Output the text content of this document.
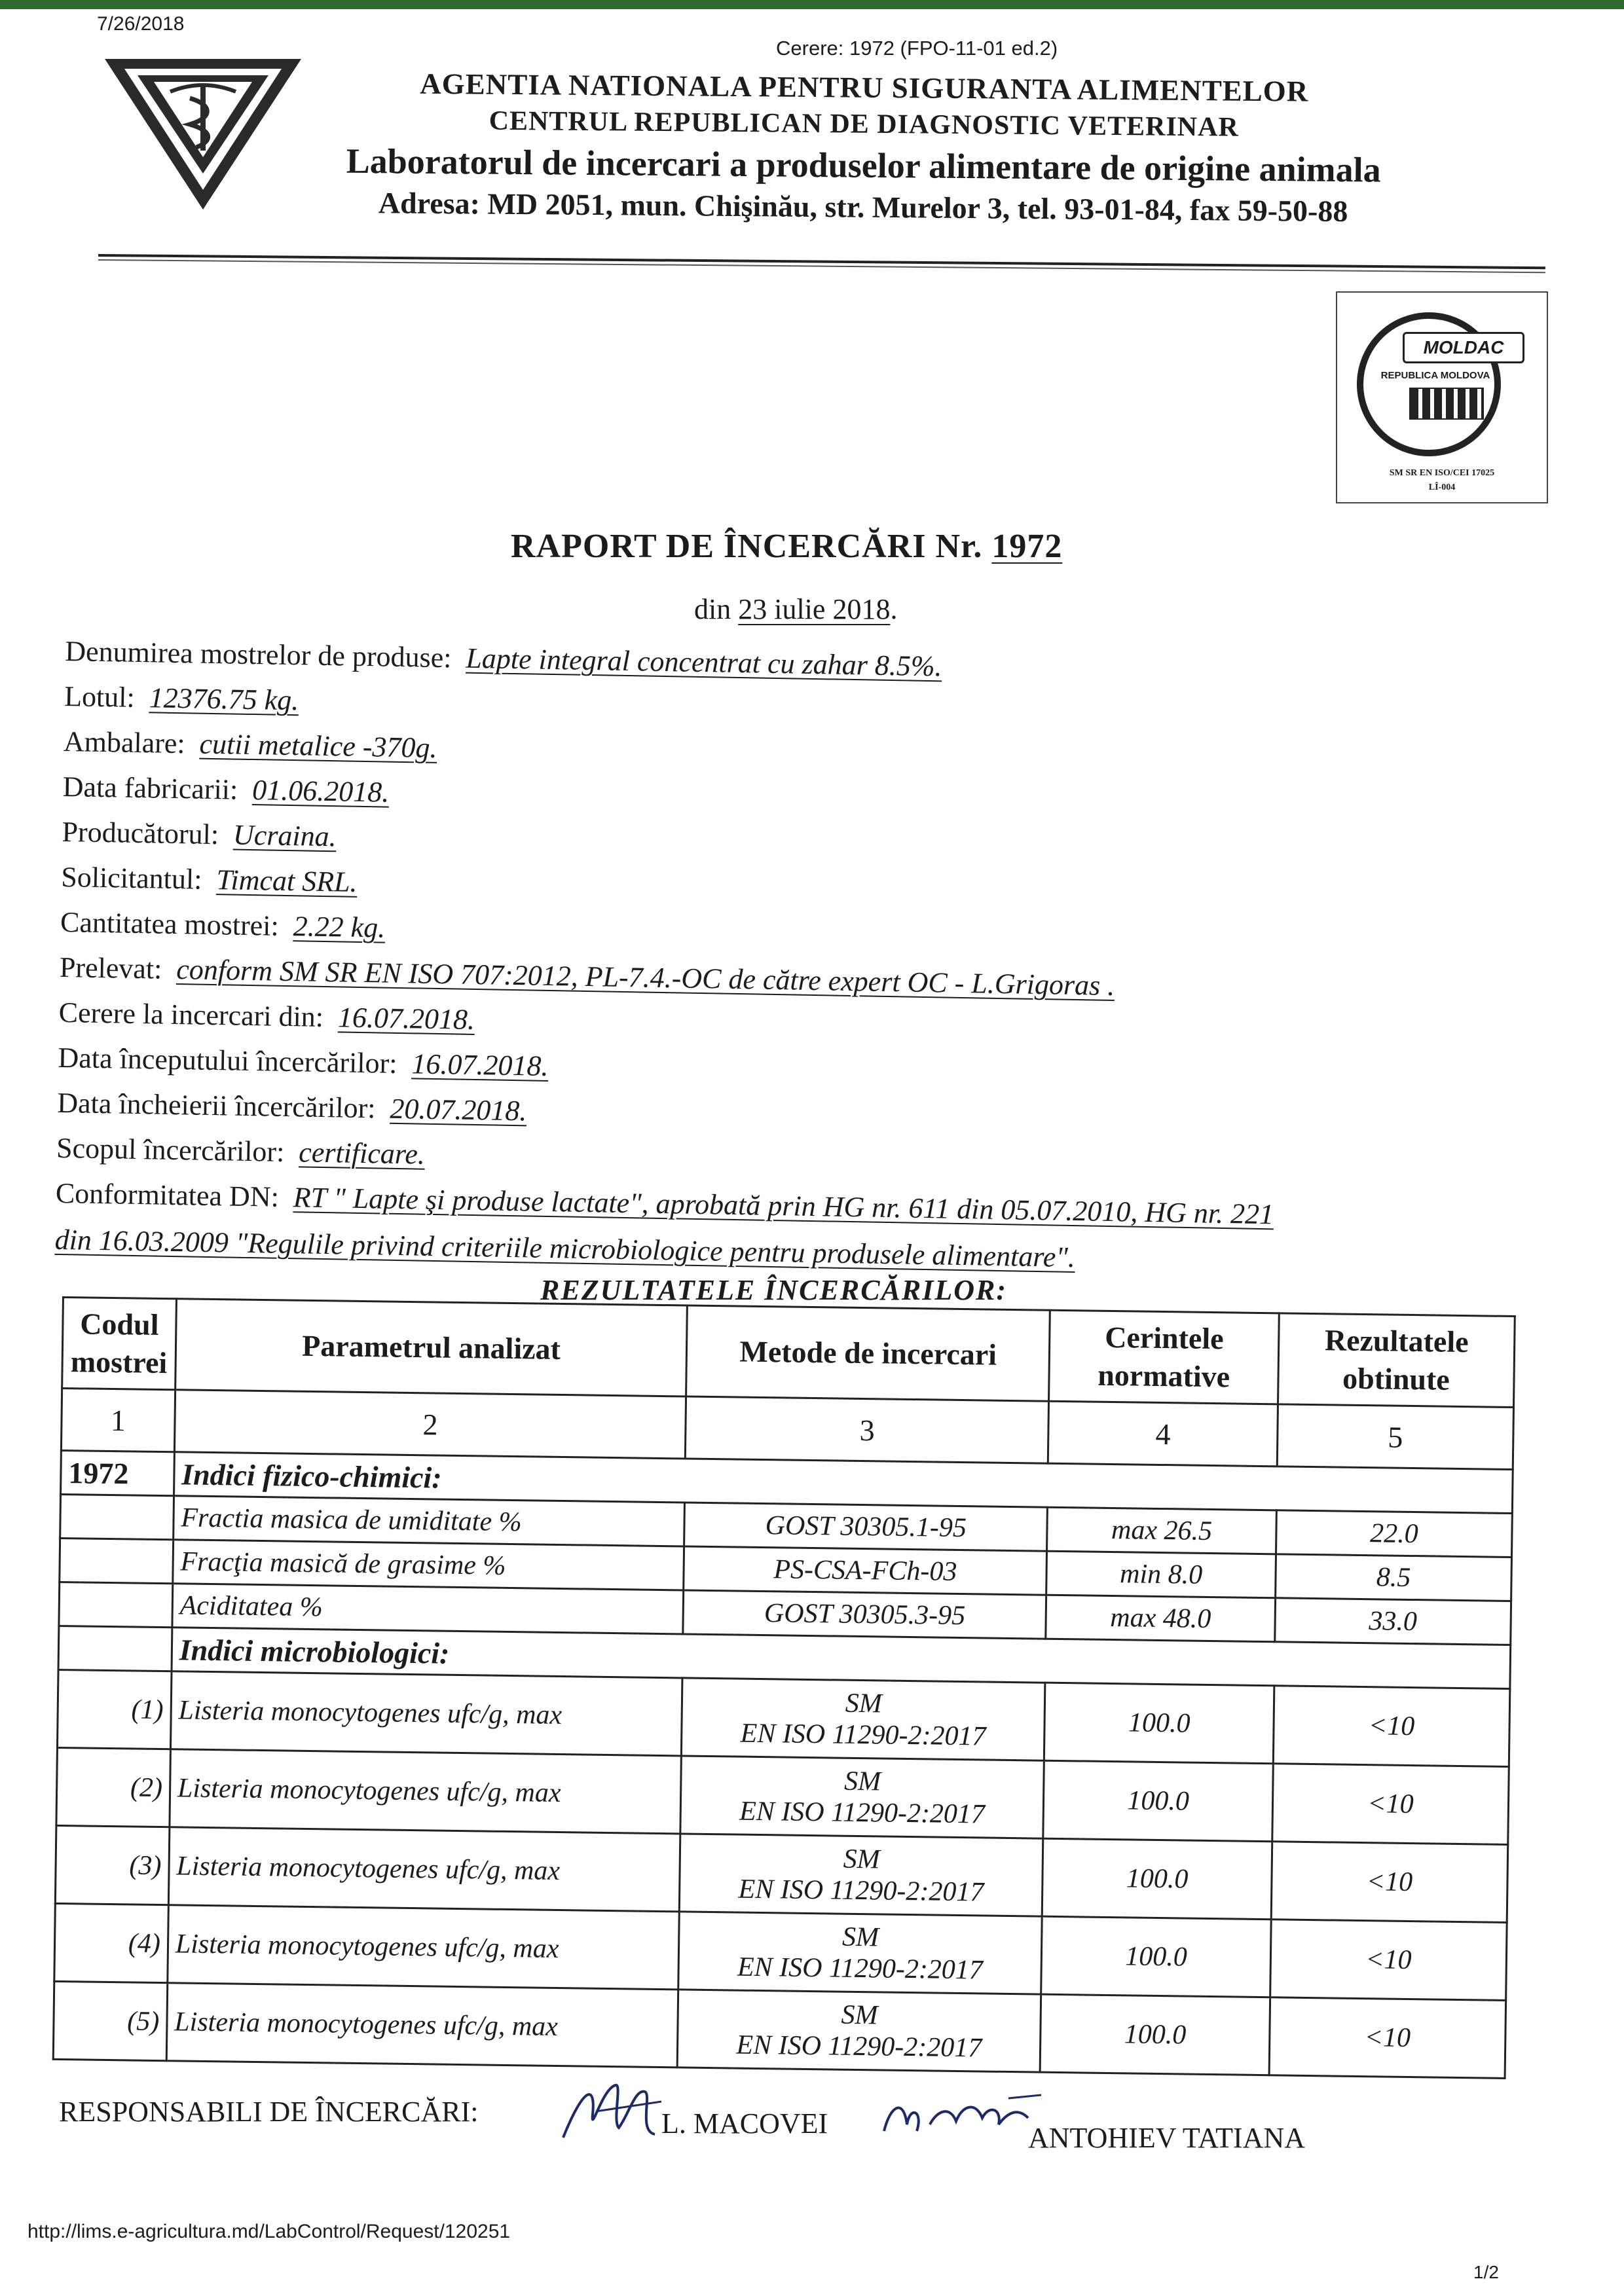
7/26/2018
Cerere: 1972 (FPO-11-01 ed.2)
AGENTIA NATIONALA PENTRU SIGURANTA ALIMENTELOR
CENTRUL REPUBLICAN DE DIAGNOSTIC VETERINAR
Laboratorul de incercari a produselor alimentare de origine animala
Adresa: MD 2051, mun. Chişinău, str. Murelor 3, tel. 93-01-84, fax 59-50-88
MOLDAC
REPUBLICA MOLDOVA
SM SR EN ISO/CEI 17025
LÎ-004
RAPORT DE ÎNCERCĂRI Nr. 1972
din 23 iulie 2018.
Denumirea mostrelor de produse: Lapte integral concentrat cu zahar 8.5%.
Lotul: 12376.75 kg.
Ambalare: cutii metalice -370g.
Data fabricarii: 01.06.2018.
Producătorul: Ucraina.
Solicitantul: Timcat SRL.
Cantitatea mostrei: 2.22 kg.
Prelevat: conform SM SR EN ISO 707:2012, PL-7.4.-OC de către expert OC - L.Grigoras .
Cerere la incercari din: 16.07.2018.
Data începutului încercărilor: 16.07.2018.
Data încheierii încercărilor: 20.07.2018.
Scopul încercărilor: certificare.
Conformitatea DN: RT " Lapte şi produse lactate", aprobată prin HG nr. 611 din 05.07.2010, HG nr. 221
din 16.03.2009 "Regulile privind criteriile microbiologice pentru produsele alimentare".
REZULTATELE ÎNCERCĂRILOR:
Codul mostrei	Parametrul analizat	Metode de incercari	Cerintele normative	Rezultatele obtinute
1	2	3	4	5
1972	Indici fizico-chimici:			
	Fractia masica de umiditate %	GOST 30305.1-95	max 26.5	22.0
	Fracţia masică de grasime %	PS-CSA-FCh-03	min 8.0	8.5
	Aciditatea %	GOST 30305.3-95	max 48.0	33.0
	Indici microbiologici:			
(1)	Listeria monocytogenes ufc/g, max	SM
EN ISO 11290-2:2017	100.0	<10
(2)	Listeria monocytogenes ufc/g, max	SM
EN ISO 11290-2:2017	100.0	<10
(3)	Listeria monocytogenes ufc/g, max	SM
EN ISO 11290-2:2017	100.0	<10
(4)	Listeria monocytogenes ufc/g, max	SM
EN ISO 11290-2:2017	100.0	<10
(5)	Listeria monocytogenes ufc/g, max	SM
EN ISO 11290-2:2017	100.0	<10
RESPONSABILI DE ÎNCERCĂRI:	L. MACOVEI	ANTOHIEV TATIANA
http://lims.e-agricultura.md/LabControl/Request/120251
1/2
